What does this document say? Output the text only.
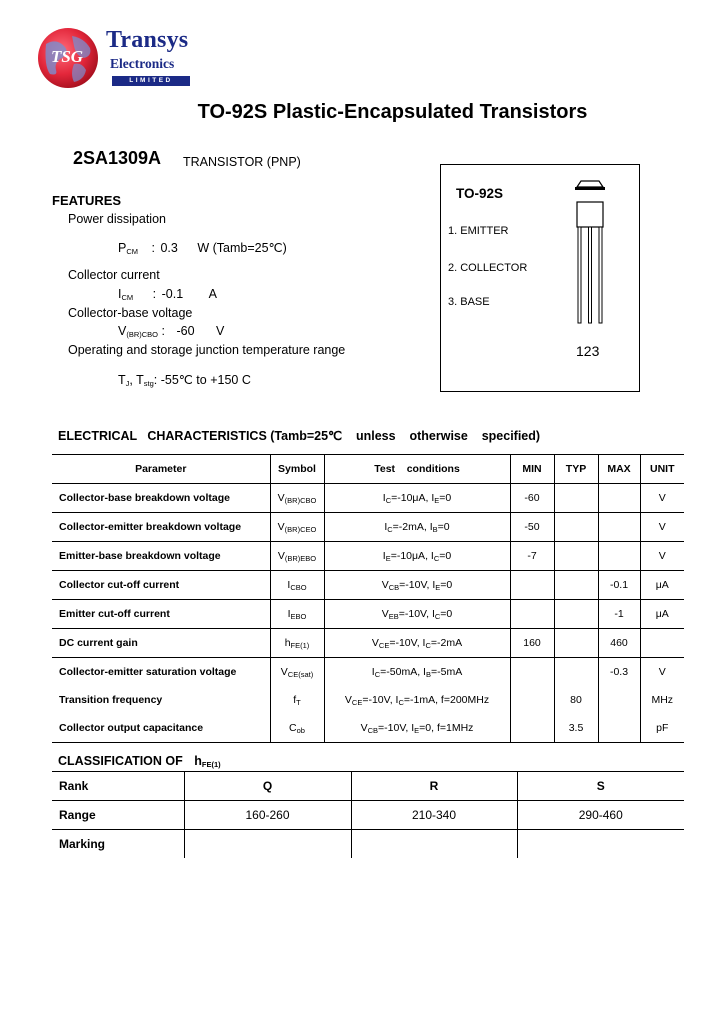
TSG
Transys
Electronics
LIMITED
TO-92S Plastic-Encapsulated Transistors
2SA1309A TRANSISTOR (PNP)
FEATURES
Power dissipation
$P_{CM}$ : 0.3 W (Tamb=25℃)
Collector current
$I_{CM}$ : -0.1 A
Collector-base voltage
$V_{(BR)CBO}$ : -60 V
Operating and storage junction temperature range
$T_J$, $T_{stg}$: -55℃ to +150 C
TO-92S
1. EMITTER
2. COLLECTOR
3. BASE
123
ELECTRICAL   CHARACTERISTICS (Tamb=25℃    unless    otherwise    specified)
Parameter	Symbol	Test    conditions	MIN	TYP	MAX	UNIT
Collector-base breakdown voltage	$V_{(BR)CBO}$	$I_C=-10\mu A$, $I_E=0$	-60			V
Collector-emitter breakdown voltage	$V_{(BR)CEO}$	$I_C=-2mA$, $I_B=0$	-50			V
Emitter-base breakdown voltage	$V_{(BR)EBO}$	$I_E=-10\mu A$, $I_C=0$	-7			V
Collector cut-off current	$I_{CBO}$	$V_{CB}=-10V$, $I_E=0$			-0.1	μA
Emitter cut-off current	$I_{EBO}$	$V_{EB}=-10V$, $I_C=0$			-1	μA
DC current gain	$h_{FE(1)}$	$V_{CE}=-10V$, $I_C=-2mA$	160		460	
Collector-emitter saturation voltage	$V_{CE(sat)}$	$I_C=-50mA$, $I_B=-5mA$			-0.3	V
Transition frequency	$f_T$	$V_{CE}=-10V$, $I_C=-1mA$, f=200MHz		80		MHz
Collector output capacitance	$C_{ob}$	$V_{CB}=-10V$, $I_E=0$, f=1MHz		3.5		pF
CLASSIFICATION OF $h_{FE(1)}$
Rank	Q	R	S
Range	160-260	210-340	290-460
Marking			
